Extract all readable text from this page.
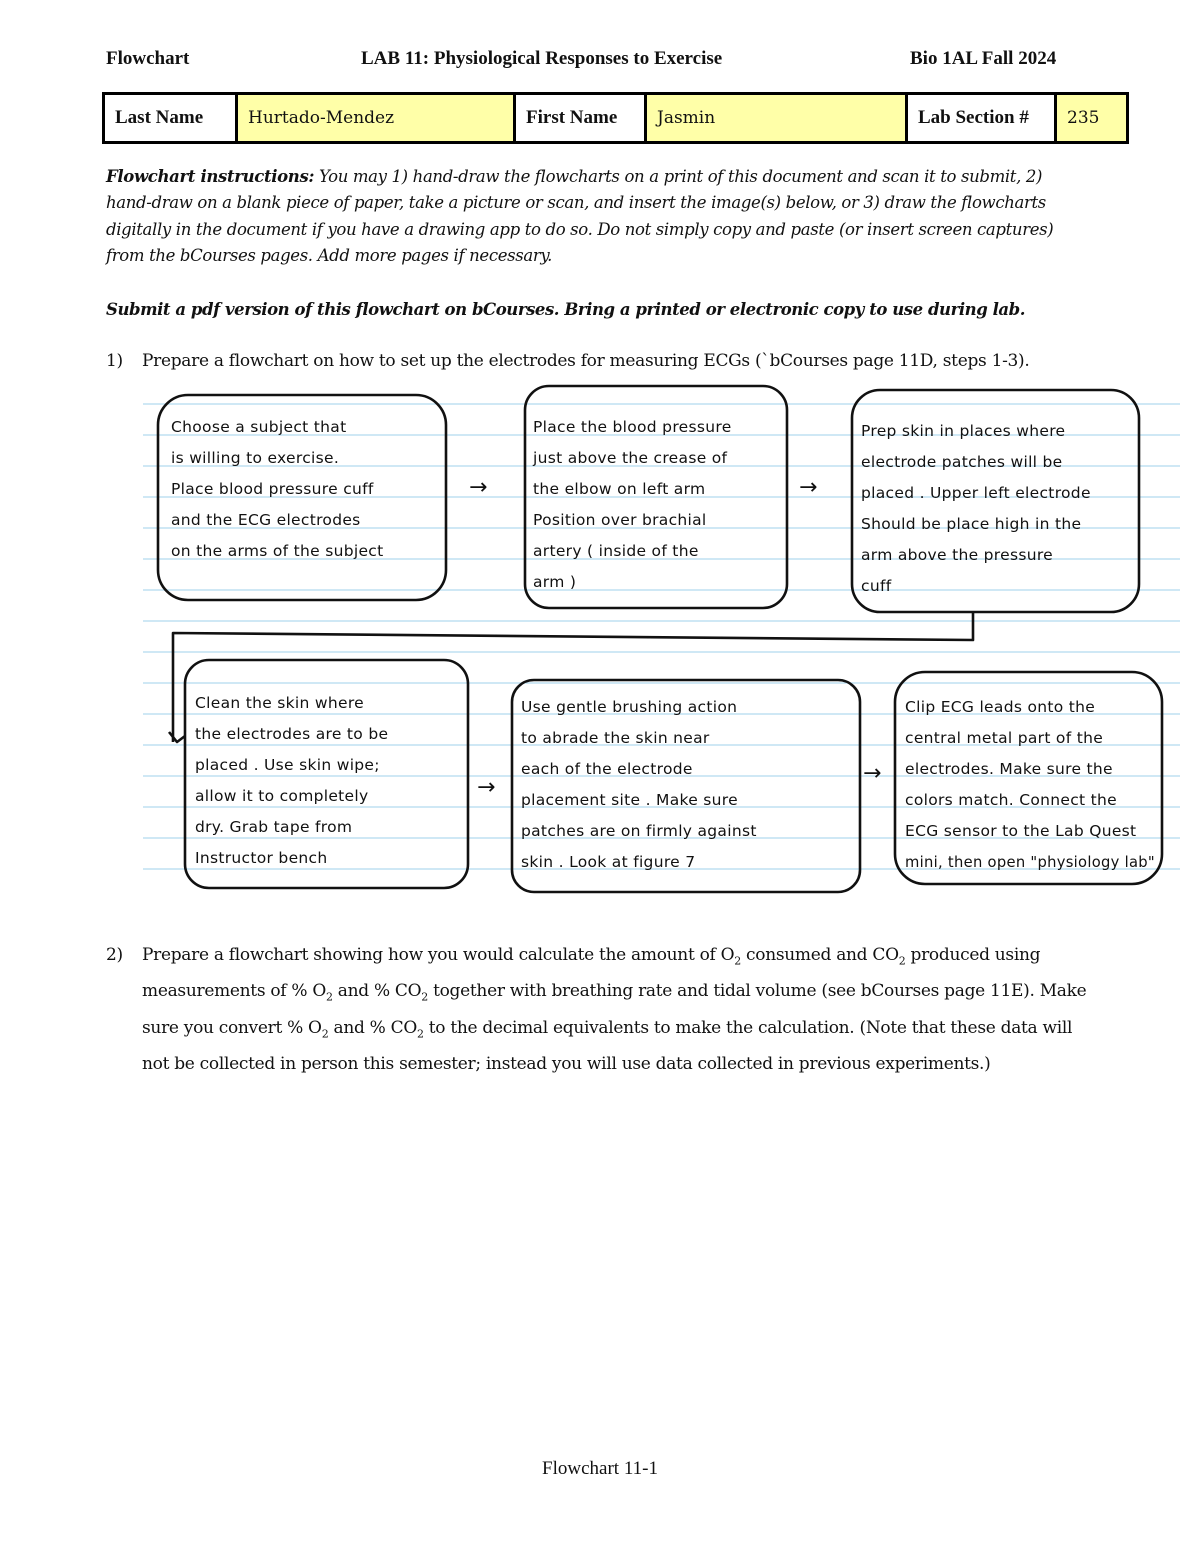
Flowchart	LAB 11: Physiological Responses to Exercise	Bio 1AL Fall 2024
Last Name	Hurtado-Mendez	First Name	Jasmin	Lab Section #	235
Flowchart instructions: You may 1) hand-draw the flowcharts on a print of this document and scan it to submit, 2) hand-draw on a blank piece of paper, take a picture or scan, and insert the image(s) below, or 3) draw the flowcharts digitally in the document if you have a drawing app to do so. Do not simply copy and paste (or insert screen captures) from the bCourses pages. Add more pages if necessary.
Submit a pdf version of this flowchart on bCourses. Bring a printed or electronic copy to use during lab.
1) Prepare a flowchart on how to set up the electrodes for measuring ECGs (`bCourses page 11D, steps 1-3).
Choose a subject that
is willing to exercise.
Place blood pressure cuff
and the ECG electrodes
on the arms of the subject
Place the blood pressure
just above the crease of
the elbow on left arm
Position over brachial
artery ( inside of the
arm )
Prep skin in places where
electrode patches will be
placed . Upper left electrode
Should be place high in the
arm above the pressure
cuff
Clean the skin where
the electrodes are to be
placed . Use skin wipe;
allow it to completely
dry. Grab tape from
Instructor bench
Use gentle brushing action
to abrade the skin near
each of the electrode
placement site . Make sure
patches are on firmly against
skin . Look at figure 7
Clip ECG leads onto the
central metal part of the
electrodes. Make sure the
colors match. Connect the
ECG sensor to the Lab Quest
mini, then open "physiology lab"
→	→
→
→
2) Prepare a flowchart showing how you would calculate the amount of $O_2$ consumed and $CO_2$ produced using measurements of % $O_2$ and % $CO_2$ together with breathing rate and tidal volume (see bCourses page 11E). Make sure you convert % $O_2$ and % $CO_2$ to the decimal equivalents to make the calculation. (Note that these data will not be collected in person this semester; instead you will use data collected in previous experiments.)
Flowchart 11-1
